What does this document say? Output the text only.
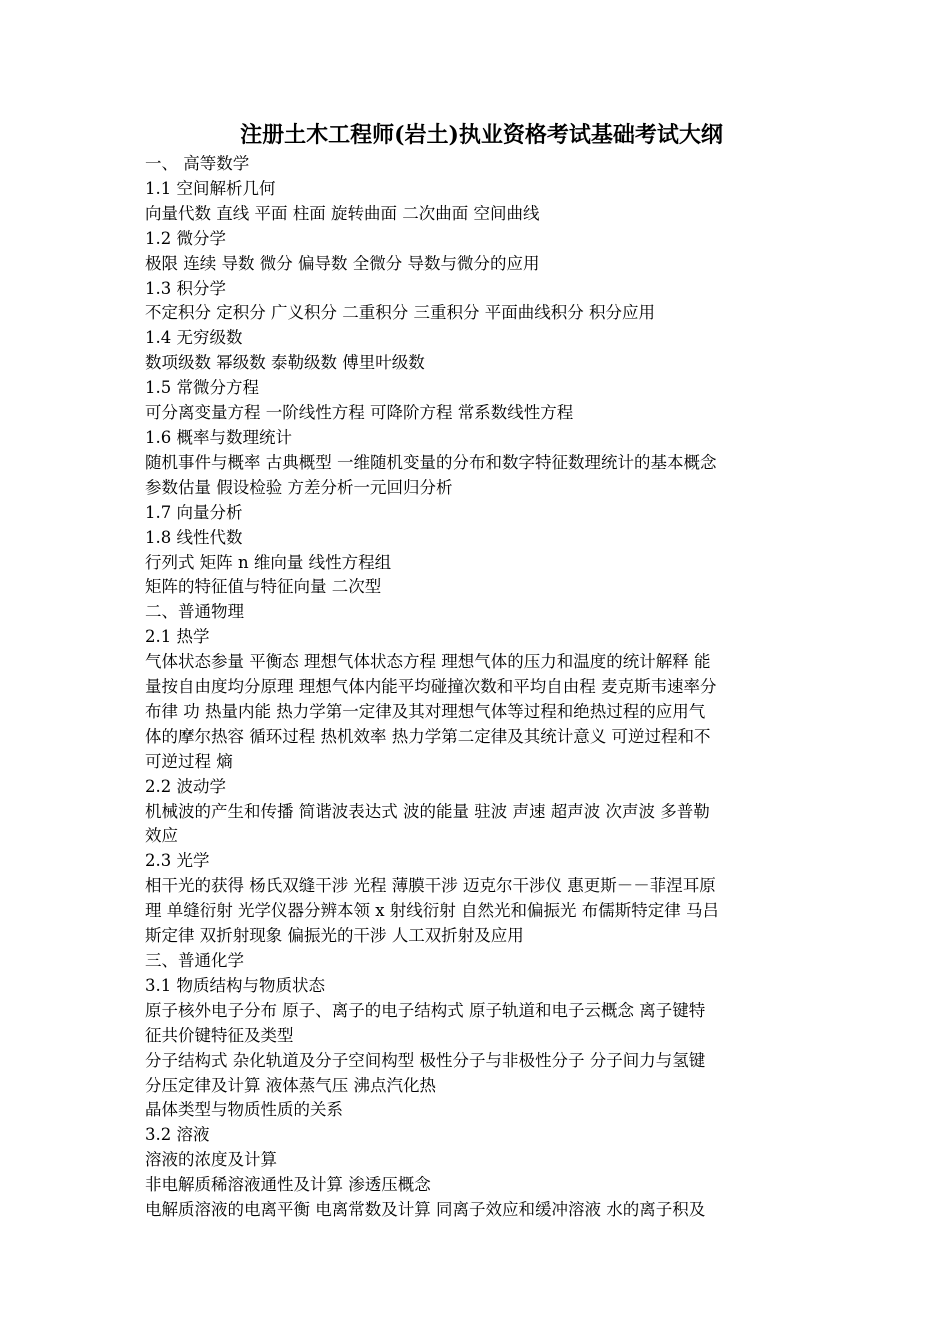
注册土木工程师(岩土)执业资格考试基础考试大纲

一、 高等数学

1.1 空间解析几何

向量代数 直线 平面 柱面 旋转曲面 二次曲面 空间曲线

1.2 微分学

极限 连续 导数 微分 偏导数 全微分 导数与微分的应用

1.3 积分学

不定积分 定积分 广义积分 二重积分 三重积分 平面曲线积分 积分应用

1.4 无穷级数

数项级数 幂级数 泰勒级数 傅里叶级数

1.5 常微分方程

可分离变量方程 一阶线性方程 可降阶方程 常系数线性方程

1.6 概率与数理统计

随机事件与概率 古典概型 一维随机变量的分布和数字特征数理统计的基本概念

参数估量 假设检验 方差分析一元回归分析

1.7 向量分析

1.8 线性代数

行列式 矩阵 n 维向量 线性方程组

矩阵的特征值与特征向量 二次型

二、普通物理

2.1 热学

气体状态参量 平衡态 理想气体状态方程 理想气体的压力和温度的统计解释 能

量按自由度均分原理 理想气体内能平均碰撞次数和平均自由程 麦克斯韦速率分

布律 功 热量内能 热力学第一定律及其对理想气体等过程和绝热过程的应用气

体的摩尔热容 循环过程 热机效率 热力学第二定律及其统计意义 可逆过程和不

可逆过程 熵

2.2 波动学

机械波的产生和传播 简谐波表达式 波的能量 驻波 声速 超声波 次声波 多普勒

效应

2.3 光学

相干光的获得 杨氏双缝干涉 光程 薄膜干涉 迈克尔干涉仪 惠更斯－－菲涅耳原

理 单缝衍射 光学仪器分辨本领 x 射线衍射 自然光和偏振光 布儒斯特定律 马吕

斯定律 双折射现象 偏振光的干涉 人工双折射及应用

三、普通化学

3.1 物质结构与物质状态

原子核外电子分布 原子、离子的电子结构式 原子轨道和电子云概念 离子键特

征共价键特征及类型

分子结构式 杂化轨道及分子空间构型 极性分子与非极性分子 分子间力与氢键

分压定律及计算 液体蒸气压 沸点汽化热

晶体类型与物质性质的关系

3.2 溶液

溶液的浓度及计算

非电解质稀溶液通性及计算 渗透压概念

电解质溶液的电离平衡 电离常数及计算 同离子效应和缓冲溶液 水的离子积及
